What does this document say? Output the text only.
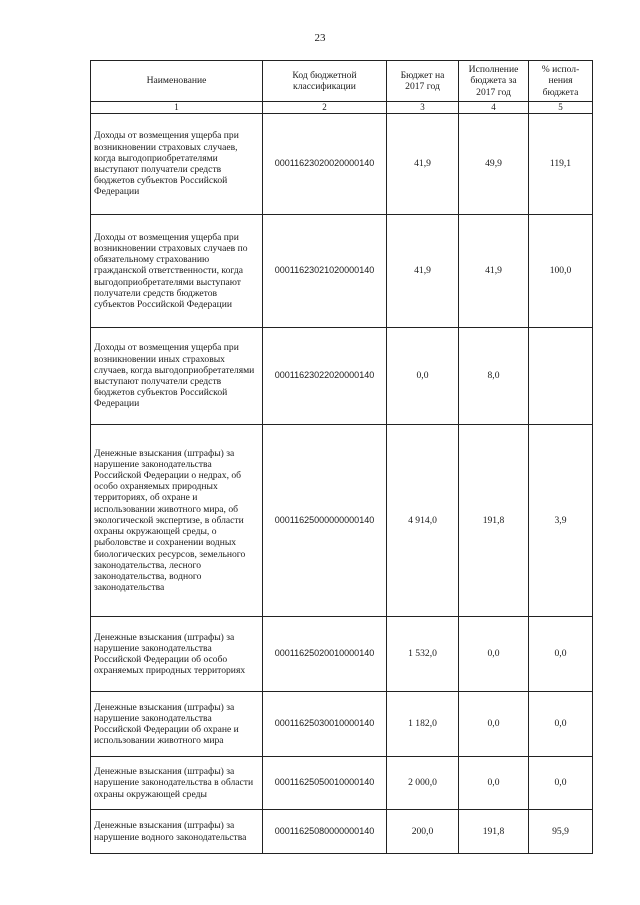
23
Наименование	Код бюджетной классификации	Бюджет на 2017 год	Исполнение бюджета за 2017 год	% испол-нения бюджета
1	2	3	4	5
Доходы от возмещения ущерба при возникновении страховых случаев, когда выгодоприобретателями выступают получатели средств бюджетов субъектов Российской Федерации	00011623020020000140	41,9	49,9	119,1
Доходы от возмещения ущерба при возникновении страховых случаев по обязательному страхованию гражданской ответственности, когда выгодоприобретателями выступают получатели средств бюджетов субъектов Российской Федерации	00011623021020000140	41,9	41,9	100,0
Доходы от возмещения ущерба при возникновении иных страховых случаев, когда выгодоприобретателями выступают получатели средств бюджетов субъектов Российской Федерации	00011623022020000140	0,0	8,0	
Денежные взыскания (штрафы) за нарушение законодательства Российской Федерации о недрах, об особо охраняемых природных территориях, об охране и использовании животного мира, об экологической экспертизе, в области охраны окружающей среды, о рыболовстве и сохранении водных биологических ресурсов, земельного законодательства, лесного законодательства, водного законодательства	00011625000000000140	4 914,0	191,8	3,9
Денежные взыскания (штрафы) за нарушение законодательства Российской Федерации об особо охраняемых природных территориях	00011625020010000140	1 532,0	0,0	0,0
Денежные взыскания (штрафы) за нарушение законодательства Российской Федерации об охране и использовании животного мира	00011625030010000140	1 182,0	0,0	0,0
Денежные взыскания (штрафы) за нарушение законодательства в области охраны окружающей среды	00011625050010000140	2 000,0	0,0	0,0
Денежные взыскания (штрафы) за нарушение водного законодательства	00011625080000000140	200,0	191,8	95,9
